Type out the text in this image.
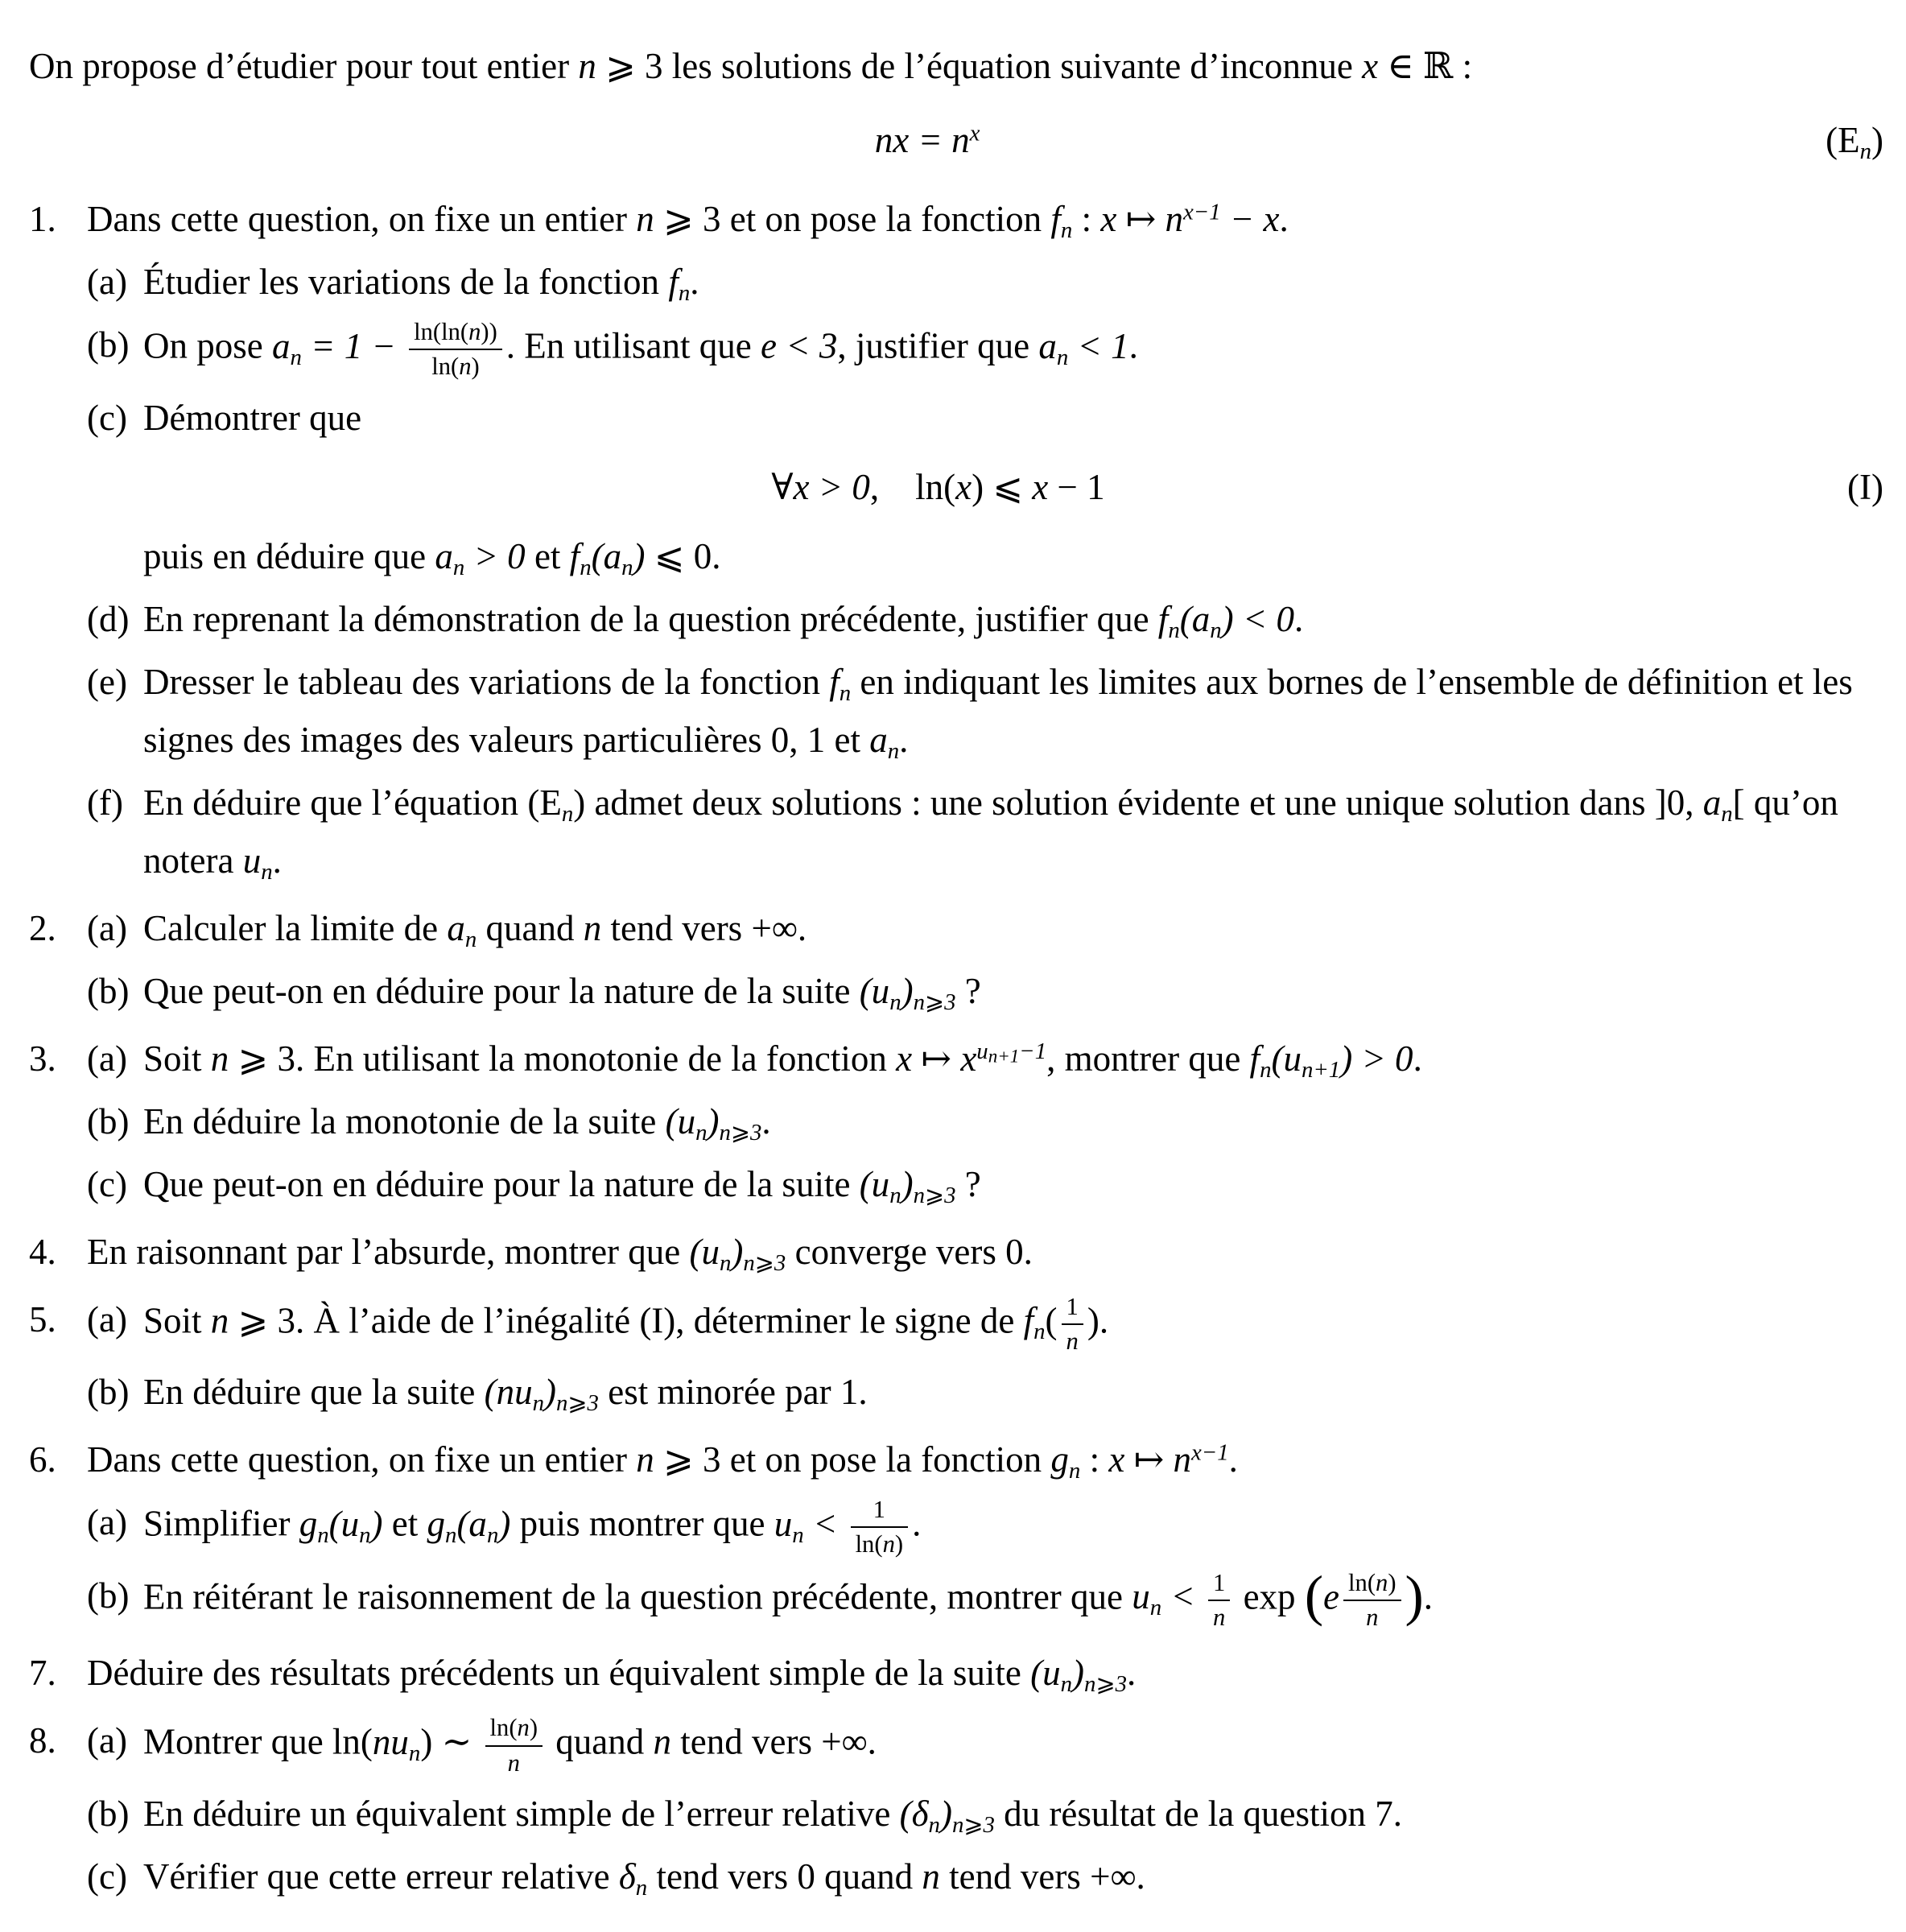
On propose d’étudier pour tout entier n ⩾ 3 les solutions de l’équation suivante d’inconnue x ∈ ℝ :

nx = $n^x$	$(E_n)$
1. Dans cette question, on fixe un entier n ⩾ 3 et on pose la fonction $f_n$ : x ↦ $n^{x-1} - x$.
(a) Étudier les variations de la fonction $f_n$.
(b) On pose $a_n = 1 - \frac{\ln(\ln(n))}{\ln(n)}$ . En utilisant que e < 3, justifier que $a_n < 1$.
(c) Démontrer que
∀x > 0, ln(x) ⩽ x − 1	(I)
puis en déduire que $a_n > 0$ et $f_n(a_n)$ ⩽ 0.
(d) En reprenant la démonstration de la question précédente, justifier que $f_n(a_n) < 0$.
(e) Dresser le tableau des variations de la fonction $f_n$ en indiquant les limites aux bornes de l’ensemble de définition et les signes des images des valeurs particulières 0, 1 et $a_n$.
(f) En déduire que l’équation $(E_n)$ admet deux solutions : une solution évidente et une unique solution dans ]0, $a_n$[ qu’on notera $u_n$.
2. (a) Calculer la limite de $a_n$ quand n tend vers +∞.
(b) Que peut-on en déduire pour la nature de la suite $(u_n)_{n⩾3}$ ?
3. (a) Soit n ⩾ 3. En utilisant la monotonie de la fonction x ↦ $x^{u_{n+1}-1}$, montrer que $f_n(u_{n+1}) > 0$.
(b) En déduire la monotonie de la suite $(u_n)_{n⩾3}$.
(c) Que peut-on en déduire pour la nature de la suite $(u_n)_{n⩾3}$ ?
4. En raisonnant par l’absurde, montrer que $(u_n)_{n⩾3}$ converge vers 0.
5. (a) Soit n ⩾ 3. À l’aide de l’inégalité (I), déterminer le signe de $f_n( \frac{1}{n}$ ).
(b) En déduire que la suite $(nu_n)_{n⩾3}$ est minorée par 1.
6. Dans cette question, on fixe un entier n ⩾ 3 et on pose la fonction $g_n$ : x ↦ $n^{x-1}$.
(a) Simplifier $g_n(u_n)$ et $g_n(a_n)$ puis montrer que $u_n < \frac{1}{\ln(n)}$ .
(b) En réitérant le raisonnement de la question précédente, montrer que $u_n < \frac{1}{n}$ $\exp (e \frac{\ln(n)}{n}$ ).
7. Déduire des résultats précédents un équivalent simple de la suite $(u_n)_{n⩾3}$.
8. (a) Montrer que $\ln(nu_n)$ ∼ $\frac{\ln(n)}{n}$ quand n tend vers +∞.
(b) En déduire un équivalent simple de l’erreur relative $(\delta_n)_{n⩾3}$ du résultat de la question 7.
(c) Vérifier que cette erreur relative $\delta_n$ tend vers 0 quand n tend vers +∞.
